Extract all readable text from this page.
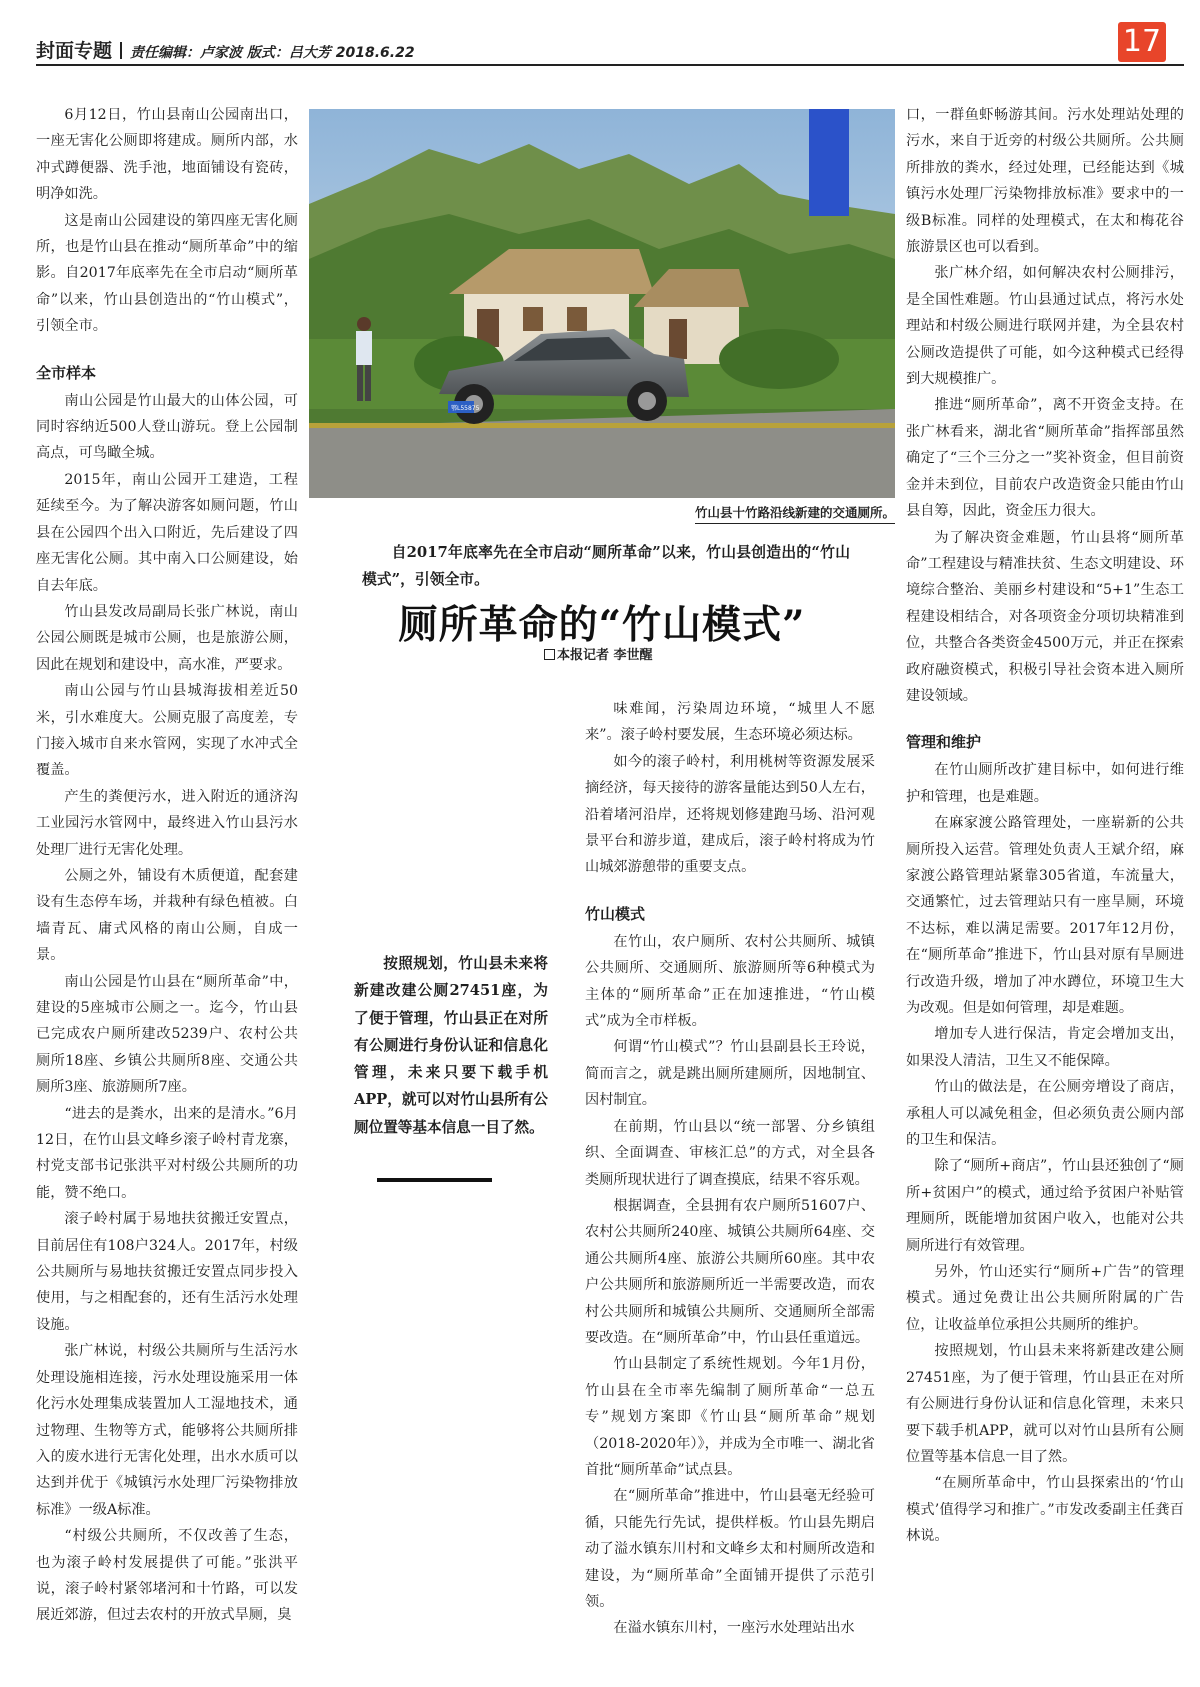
封面专题 责任编辑：卢家波 版式：吕大芳 2018.6.22	17

6月12日，竹山县南山公园南出口，一座无害化公厕即将建成。厕所内部，水冲式蹲便器、洗手池，地面铺设有瓷砖，明净如洗。

这是南山公园建设的第四座无害化厕所，也是竹山县在推动“厕所革命”中的缩影。自2017年底率先在全市启动“厕所革命”以来，竹山县创造出的“竹山模式”，引领全市。

全市样本

南山公园是竹山最大的山体公园，可同时容纳近500人登山游玩。登上公园制高点，可鸟瞰全城。

2015年，南山公园开工建造，工程延续至今。为了解决游客如厕问题，竹山县在公园四个出入口附近，先后建设了四座无害化公厕。其中南入口公厕建设，始自去年底。

竹山县发改局副局长张广林说，南山公园公厕既是城市公厕，也是旅游公厕，因此在规划和建设中，高水准，严要求。

南山公园与竹山县城海拔相差近50米，引水难度大。公厕克服了高度差，专门接入城市自来水管网，实现了水冲式全覆盖。

产生的粪便污水，进入附近的通济沟工业园污水管网中，最终进入竹山县污水处理厂进行无害化处理。

公厕之外，铺设有木质便道，配套建设有生态停车场，并栽种有绿色植被。白墙青瓦、庸式风格的南山公厕，自成一景。

南山公园是竹山县在“厕所革命”中，建设的5座城市公厕之一。迄今，竹山县已完成农户厕所建改5239户、农村公共厕所18座、乡镇公共厕所8座、交通公共厕所3座、旅游厕所7座。

“进去的是粪水，出来的是清水。”6月12日，在竹山县文峰乡滚子岭村青龙寨，村党支部书记张洪平对村级公共厕所的功能，赞不绝口。

滚子岭村属于易地扶贫搬迁安置点，目前居住有108户324人。2017年，村级公共厕所与易地扶贫搬迁安置点同步投入使用，与之相配套的，还有生活污水处理设施。

张广林说，村级公共厕所与生活污水处理设施相连接，污水处理设施采用一体化污水处理集成装置加人工湿地技术，通过物理、生物等方式，能够将公共厕所排入的废水进行无害化处理，出水水质可以达到并优于《城镇污水处理厂污染物排放标准》一级A标准。

“村级公共厕所，不仅改善了生态，也为滚子岭村发展提供了可能。”张洪平说，滚子岭村紧邻堵河和十竹路，可以发展近郊游，但过去农村的开放式旱厕，臭

鄂L55875
竹山县十竹路沿线新建的交通厕所。
自2017年底率先在全市启动“厕所革命”以来，竹山县创造出的“竹山模式”，引领全市。
厕所革命的“竹山模式”
本报记者 李世醒
按照规划，竹山县未来将新建改建公厕27451座，为了便于管理，竹山县正在对所有公厕进行身份认证和信息化管理，未来只要下载手机APP，就可以对竹山县所有公厕位置等基本信息一目了然。

味难闻，污染周边环境，“城里人不愿来”。滚子岭村要发展，生态环境必须达标。

如今的滚子岭村，利用桃树等资源发展采摘经济，每天接待的游客量能达到50人左右，沿着堵河沿岸，还将规划修建跑马场、沿河观景平台和游步道，建成后，滚子岭村将成为竹山城郊游憩带的重要支点。

竹山模式

在竹山，农户厕所、农村公共厕所、城镇公共厕所、交通厕所、旅游厕所等6种模式为主体的“厕所革命”正在加速推进，“竹山模式”成为全市样板。

何谓“竹山模式”？竹山县副县长王玲说，简而言之，就是跳出厕所建厕所，因地制宜、因村制宜。

在前期，竹山县以“统一部署、分乡镇组织、全面调查、审核汇总”的方式，对全县各类厕所现状进行了调查摸底，结果不容乐观。

根据调查，全县拥有农户厕所51607户、农村公共厕所240座、城镇公共厕所64座、交通公共厕所4座、旅游公共厕所60座。其中农户公共厕所和旅游厕所近一半需要改造，而农村公共厕所和城镇公共厕所、交通厕所全部需要改造。在“厕所革命”中，竹山县任重道远。

竹山县制定了系统性规划。今年1月份，竹山县在全市率先编制了厕所革命“一总五专”规划方案即《竹山县“厕所革命”规划（2018-2020年）》，并成为全市唯一、湖北省首批“厕所革命”试点县。

在“厕所革命”推进中，竹山县毫无经验可循，只能先行先试，提供样板。竹山县先期启动了溢水镇东川村和文峰乡太和村厕所改造和建设，为“厕所革命”全面铺开提供了示范引领。

在溢水镇东川村，一座污水处理站出水

口，一群鱼虾畅游其间。污水处理站处理的污水，来自于近旁的村级公共厕所。公共厕所排放的粪水，经过处理，已经能达到《城镇污水处理厂污染物排放标准》要求中的一级B标准。同样的处理模式，在太和梅花谷旅游景区也可以看到。

张广林介绍，如何解决农村公厕排污，是全国性难题。竹山县通过试点，将污水处理站和村级公厕进行联网并建，为全县农村公厕改造提供了可能，如今这种模式已经得到大规模推广。

推进“厕所革命”，离不开资金支持。在张广林看来，湖北省“厕所革命”指挥部虽然确定了“三个三分之一”奖补资金，但目前资金并未到位，目前农户改造资金只能由竹山县自筹，因此，资金压力很大。

为了解决资金难题，竹山县将“厕所革命”工程建设与精准扶贫、生态文明建设、环境综合整治、美丽乡村建设和“5+1”生态工程建设相结合，对各项资金分项切块精准到位，共整合各类资金4500万元，并正在探索政府融资模式，积极引导社会资本进入厕所建设领域。

管理和维护

在竹山厕所改扩建目标中，如何进行维护和管理，也是难题。

在麻家渡公路管理处，一座崭新的公共厕所投入运营。管理处负责人王斌介绍，麻家渡公路管理站紧靠305省道，车流量大，交通繁忙，过去管理站只有一座旱厕，环境不达标，难以满足需要。2017年12月份，在“厕所革命”推进下，竹山县对原有旱厕进行改造升级，增加了冲水蹲位，环境卫生大为改观。但是如何管理，却是难题。

增加专人进行保洁，肯定会增加支出，如果没人清洁，卫生又不能保障。

竹山的做法是，在公厕旁增设了商店，承租人可以减免租金，但必须负责公厕内部的卫生和保洁。

除了“厕所+商店”，竹山县还独创了“厕所+贫困户”的模式，通过给予贫困户补贴管理厕所，既能增加贫困户收入，也能对公共厕所进行有效管理。

另外，竹山还实行“厕所+广告”的管理模式。通过免费让出公共厕所附属的广告位，让收益单位承担公共厕所的维护。

按照规划，竹山县未来将新建改建公厕27451座，为了便于管理，竹山县正在对所有公厕进行身份认证和信息化管理，未来只要下载手机APP，就可以对竹山县所有公厕位置等基本信息一目了然。

“在厕所革命中，竹山县探索出的‘竹山模式’值得学习和推广。”市发改委副主任龚百林说。
